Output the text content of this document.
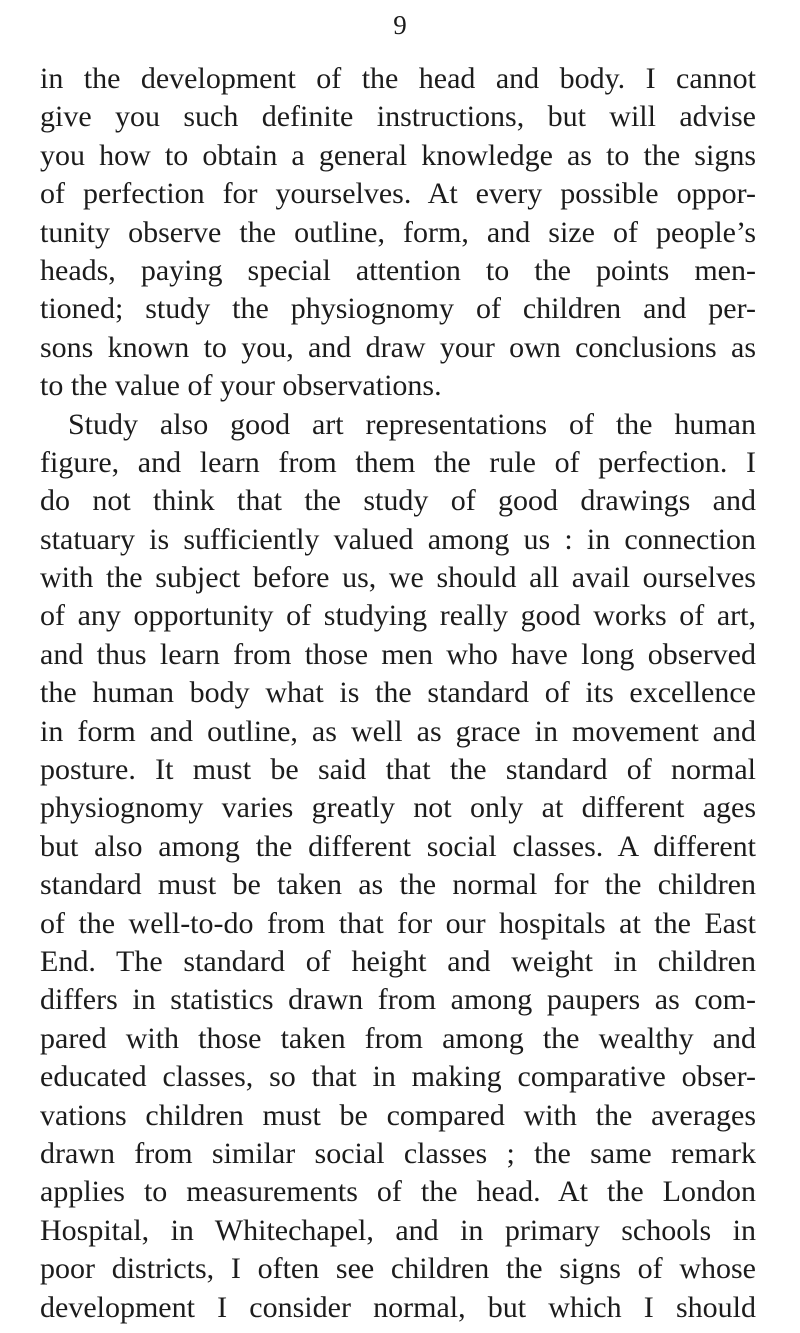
9
in the development of the head and body. I cannot
give you such definite instructions, but will advise
you how to obtain a general knowledge as to the signs
of perfection for yourselves. At every possible oppor-
tunity observe the outline, form, and size of people’s
heads, paying special attention to the points men-
tioned; study the physiognomy of children and per-
sons known to you, and draw your own conclusions as
to the value of your observations.
Study also good art representations of the human
figure, and learn from them the rule of perfection. I
do not think that the study of good drawings and
statuary is sufficiently valued among us : in connection
with the subject before us, we should all avail ourselves
of any opportunity of studying really good works of art,
and thus learn from those men who have long observed
the human body what is the standard of its excellence
in form and outline, as well as grace in movement and
posture. It must be said that the standard of normal
physiognomy varies greatly not only at different ages
but also among the different social classes. A different
standard must be taken as the normal for the children
of the well-to-do from that for our hospitals at the East
End. The standard of height and weight in children
differs in statistics drawn from among paupers as com-
pared with those taken from among the wealthy and
educated classes, so that in making comparative obser-
vations children must be compared with the averages
drawn from similar social classes ; the same remark
applies to measurements of the head. At the London
Hospital, in Whitechapel, and in primary schools in
poor districts, I often see children the signs of whose
development I consider normal, but which I should
